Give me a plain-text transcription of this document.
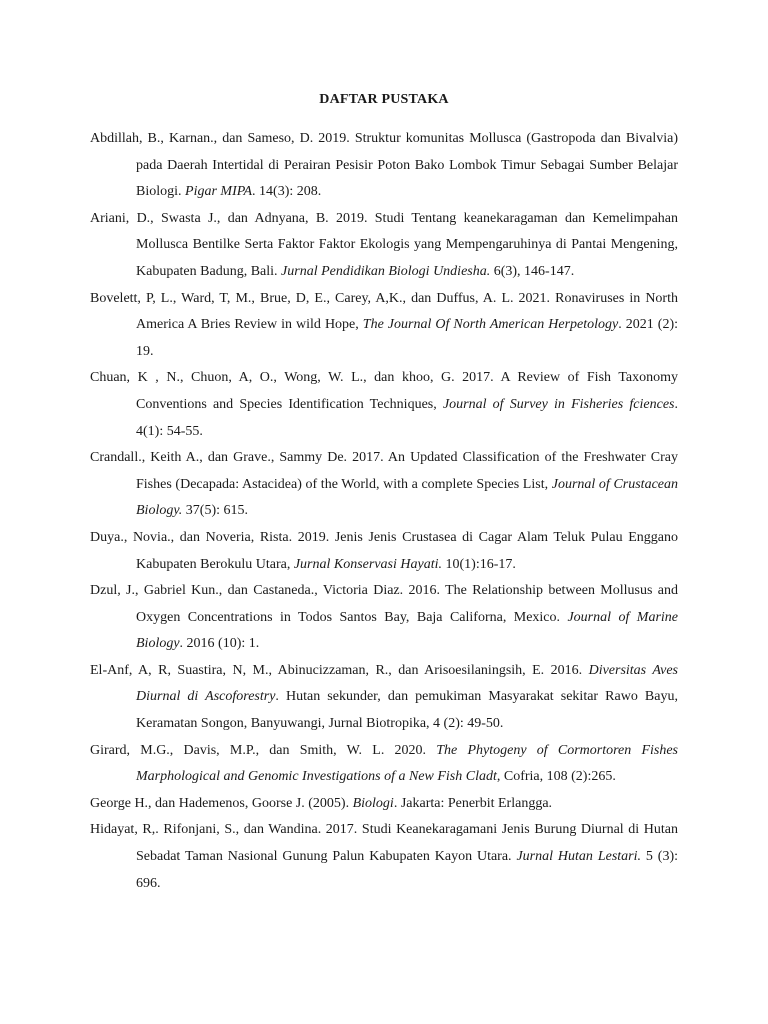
DAFTAR PUSTAKA
Abdillah, B., Karnan., dan Sameso, D. 2019. Struktur komunitas Mollusca (Gastropoda dan Bivalvia) pada Daerah Intertidal di Perairan Pesisir Poton Bako Lombok Timur Sebagai Sumber Belajar Biologi. Pigar MIPA. 14(3): 208.
Ariani, D., Swasta J., dan Adnyana, B. 2019. Studi Tentang keanekaragaman dan Kemelimpahan Mollusca Bentilke Serta Faktor Faktor Ekologis yang Mempengaruhinya di Pantai Mengening, Kabupaten Badung, Bali. Jurnal Pendidikan Biologi Undiesha. 6(3), 146-147.
Bovelett, P, L., Ward, T, M., Brue, D, E., Carey, A,K., dan Duffus, A. L. 2021. Ronaviruses in North America A Bries Review in wild Hope, The Journal Of North American Herpetology. 2021 (2): 19.
Chuan, K , N., Chuon, A, O., Wong, W. L., dan khoo, G. 2017. A Review of Fish Taxonomy Conventions and Species Identification Techniques, Journal of Survey in Fisheries fciences. 4(1): 54-55.
Crandall., Keith A., dan Grave., Sammy De. 2017. An Updated Classification of the Freshwater Cray Fishes (Decapada: Astacidea) of the World, with a complete Species List, Journal of Crustacean Biology. 37(5): 615.
Duya., Novia., dan Noveria, Rista. 2019. Jenis Jenis Crustasea di Cagar Alam Teluk Pulau Enggano Kabupaten Berokulu Utara, Jurnal Konservasi Hayati. 10(1):16-17.
Dzul, J., Gabriel Kun., dan Castaneda., Victoria Diaz. 2016. The Relationship between Mollusus and Oxygen Concentrations in Todos Santos Bay, Baja Californa, Mexico. Journal of Marine Biology. 2016 (10): 1.
El-Anf, A, R, Suastira, N, M., Abinucizzaman, R., dan Arisoesilaningsih, E. 2016. Diversitas Aves Diurnal di Ascoforestry. Hutan sekunder, dan pemukiman Masyarakat sekitar Rawo Bayu, Keramatan Songon, Banyuwangi, Jurnal Biotropika, 4 (2): 49-50.
Girard, M.G., Davis, M.P., dan Smith, W. L. 2020. The Phytogeny of Cormortoren Fishes Marphological and Genomic Investigations of a New Fish Cladt, Cofria, 108 (2):265.
George H., dan Hademenos, Goorse J. (2005). Biologi. Jakarta: Penerbit Erlangga.
Hidayat, R,. Rifonjani, S., dan Wandina. 2017. Studi Keanekaragamani Jenis Burung Diurnal di Hutan Sebadat Taman Nasional Gunung Palun Kabupaten Kayon Utara. Jurnal Hutan Lestari. 5 (3): 696.
